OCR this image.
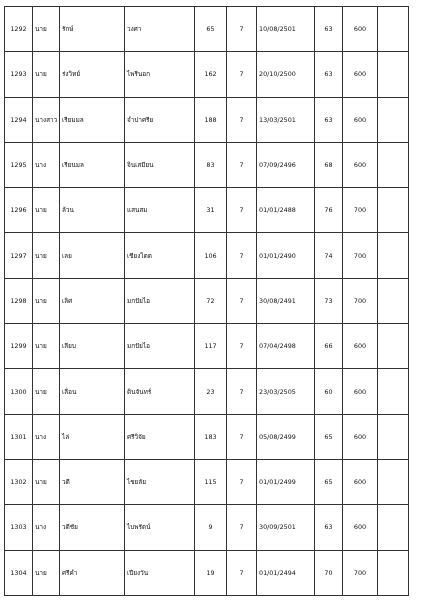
1292	นาย	รักษ์	วงศา	65	7	10/08/2501	63	600	
1293	นาย	ร่งวิทย์	ไพรีนอก	162	7	20/10/2500	63	600	
1294	นางสาว	เรียมมล	จำปาศรีย	188	7	13/03/2501	63	600	
1295	นาง	เรียนมล	จินเสมียน	83	7	07/09/2496	68	600	
1296	นาย	ล้วน	แสนสม	31	7	01/01/2488	76	700	
1297	นาย	เลย	เชียงไตต	106	7	01/01/2490	74	700	
1298	นาย	เลิศ	มกปัยไอ	72	7	30/08/2491	73	700	
1299	นาย	เลียบ	มกปัยไอ	117	7	07/04/2498	66	600	
1300	นาย	เลื่อน	ดินจันทร์	23	7	23/03/2505	60	600	
1301	นาง	ไล่	ศรีวิจัย	183	7	05/08/2499	65	600	
1302	นาย	วดี	ไชยลัย	115	7	01/01/2499	65	600	
1303	นาง	วดีชัย	ไบพรัตน์	9	7	30/09/2501	63	600	
1304	นาย	ศรีคำ	เปียงวัน	19	7	01/01/2494	70	700	
